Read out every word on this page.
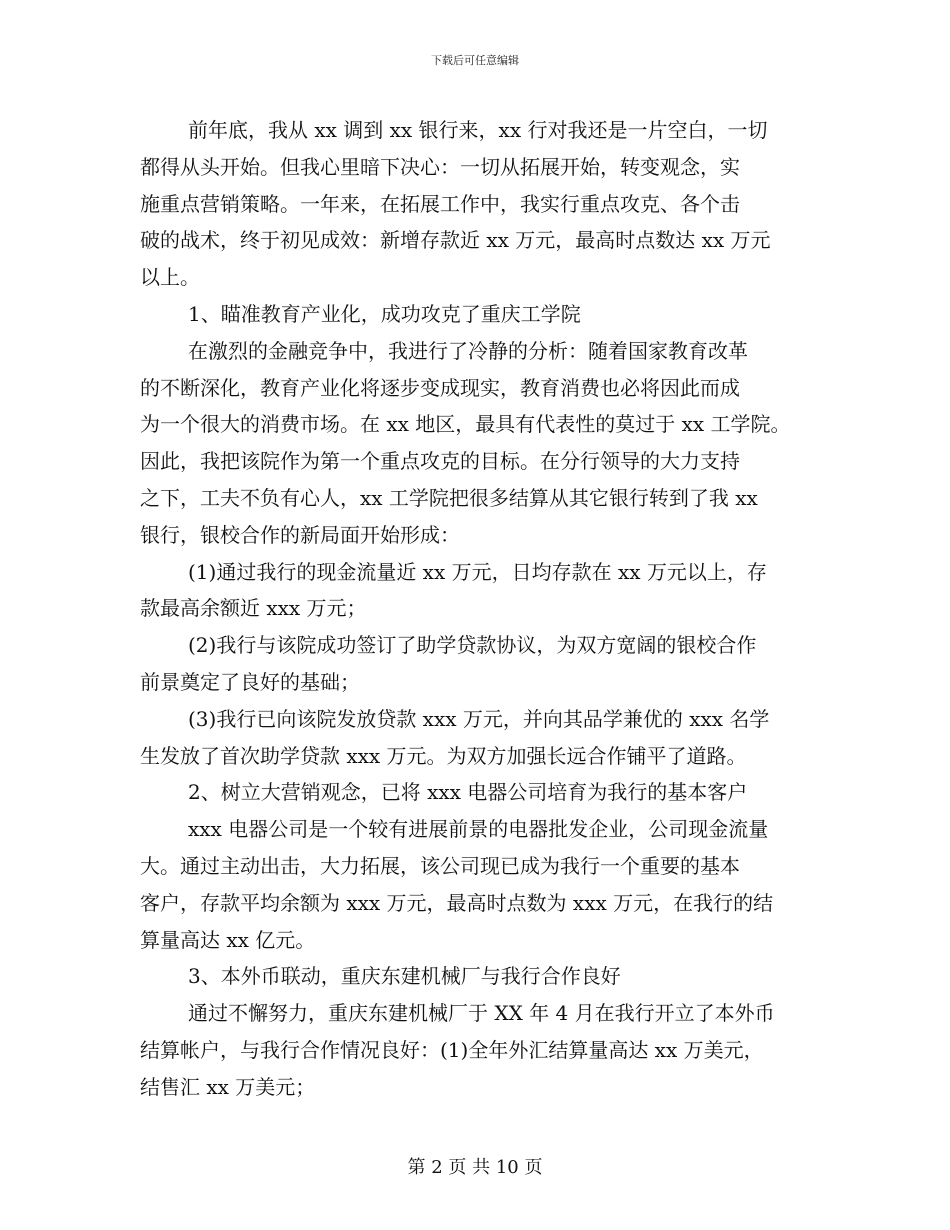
下载后可任意编辑
前年底，我从 xx 调到 xx 银行来，xx 行对我还是一片空白，一切
都得从头开始。但我心里暗下决心：一切从拓展开始，转变观念，实
施重点营销策略。一年来，在拓展工作中，我实行重点攻克、各个击
破的战术，终于初见成效：新增存款近 xx 万元，最高时点数达 xx 万元
以上。
1、瞄准教育产业化，成功攻克了重庆工学院
在激烈的金融竞争中，我进行了冷静的分析：随着国家教育改革
的不断深化，教育产业化将逐步变成现实，教育消费也必将因此而成
为一个很大的消费市场。在 xx 地区，最具有代表性的莫过于 xx 工学院。
因此，我把该院作为第一个重点攻克的目标。在分行领导的大力支持
之下，工夫不负有心人，xx 工学院把很多结算从其它银行转到了我 xx
银行，银校合作的新局面开始形成：
(1)通过我行的现金流量近 xx 万元，日均存款在 xx 万元以上，存
款最高余额近 xxx 万元；
(2)我行与该院成功签订了助学贷款协议，为双方宽阔的银校合作
前景奠定了良好的基础；
(3)我行已向该院发放贷款 xxx 万元，并向其品学兼优的 xxx 名学
生发放了首次助学贷款 xxx 万元。为双方加强长远合作铺平了道路。
2、树立大营销观念，已将 xxx 电器公司培育为我行的基本客户
xxx 电器公司是一个较有进展前景的电器批发企业，公司现金流量
大。通过主动出击，大力拓展，该公司现已成为我行一个重要的基本
客户，存款平均余额为 xxx 万元，最高时点数为 xxx 万元，在我行的结
算量高达 xx 亿元。
3、本外币联动，重庆东建机械厂与我行合作良好
通过不懈努力，重庆东建机械厂于 XX 年 4 月在我行开立了本外币
结算帐户，与我行合作情况良好：(1)全年外汇结算量高达 xx 万美元，
结售汇 xx 万美元；
第 2 页 共 10 页
